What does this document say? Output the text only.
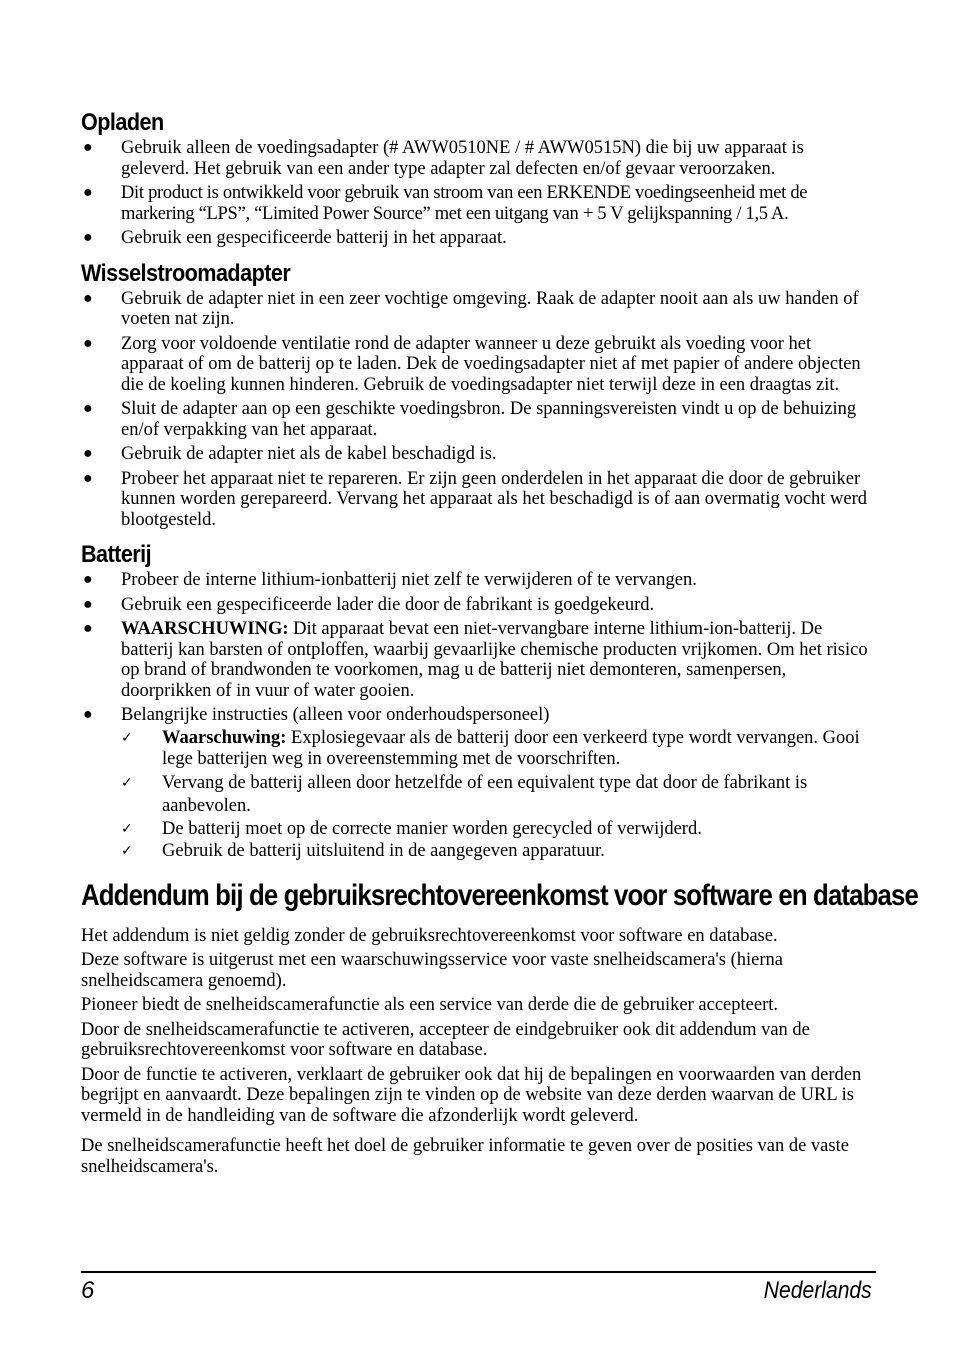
Opladen
● Gebruik alleen de voedingsadapter (# AWW0510NE / # AWW0515N) die bij uw apparaat is geleverd. Het gebruik van een ander type adapter zal defecten en/of gevaar veroorzaken.
● Dit product is ontwikkeld voor gebruik van stroom van een ERKENDE voedingseenheid met de markering “LPS”, “Limited Power Source” met een uitgang van + 5 V gelijkspanning / 1,5 A.
● Gebruik een gespecificeerde batterij in het apparaat.
Wisselstroomadapter
● Gebruik de adapter niet in een zeer vochtige omgeving. Raak de adapter nooit aan als uw handen of voeten nat zijn.
● Zorg voor voldoende ventilatie rond de adapter wanneer u deze gebruikt als voeding voor het apparaat of om de batterij op te laden. Dek de voedingsadapter niet af met papier of andere objecten die de koeling kunnen hinderen. Gebruik de voedingsadapter niet terwijl deze in een draagtas zit.
● Sluit de adapter aan op een geschikte voedingsbron. De spanningsvereisten vindt u op de behuizing en/of verpakking van het apparaat.
● Gebruik de adapter niet als de kabel beschadigd is.
● Probeer het apparaat niet te repareren. Er zijn geen onderdelen in het apparaat die door de gebruiker kunnen worden gerepareerd. Vervang het apparaat als het beschadigd is of aan overmatig vocht werd blootgesteld.
Batterij
● Probeer de interne lithium-ionbatterij niet zelf te verwijderen of te vervangen.
● Gebruik een gespecificeerde lader die door de fabrikant is goedgekeurd.
● WAARSCHUWING: Dit apparaat bevat een niet-vervangbare interne lithium-ion-batterij. De batterij kan barsten of ontploffen, waarbij gevaarlijke chemische producten vrijkomen. Om het risico op brand of brandwonden te voorkomen, mag u de batterij niet demonteren, samenpersen, doorprikken of in vuur of water gooien.
● Belangrijke instructies (alleen voor onderhoudspersoneel)
✓ Waarschuwing: Explosiegevaar als de batterij door een verkeerd type wordt vervangen. Gooi lege batterijen weg in overeenstemming met de voorschriften.
✓ Vervang de batterij alleen door hetzelfde of een equivalent type dat door de fabrikant is aanbevolen.
✓ De batterij moet op de correcte manier worden gerecycled of verwijderd.
✓ Gebruik de batterij uitsluitend in de aangegeven apparatuur.
Addendum bij de gebruiksrechtovereenkomst voor software en database

Het addendum is niet geldig zonder de gebruiksrechtovereenkomst voor software en database.

Deze software is uitgerust met een waarschuwingsservice voor vaste snelheidscamera's (hierna snelheidscamera genoemd).

Pioneer biedt de snelheidscamerafunctie als een service van derde die de gebruiker accepteert.

Door de snelheidscamerafunctie te activeren, accepteer de eindgebruiker ook dit addendum van de gebruiksrechtovereenkomst voor software en database.

Door de functie te activeren, verklaart de gebruiker ook dat hij de bepalingen en voorwaarden van derden begrijpt en aanvaardt. Deze bepalingen zijn te vinden op de website van deze derden waarvan de URL is vermeld in de handleiding van de software die afzonderlijk wordt geleverd.

De snelheidscamerafunctie heeft het doel de gebruiker informatie te geven over de posities van de vaste snelheidscamera's.

6	Nederlands
